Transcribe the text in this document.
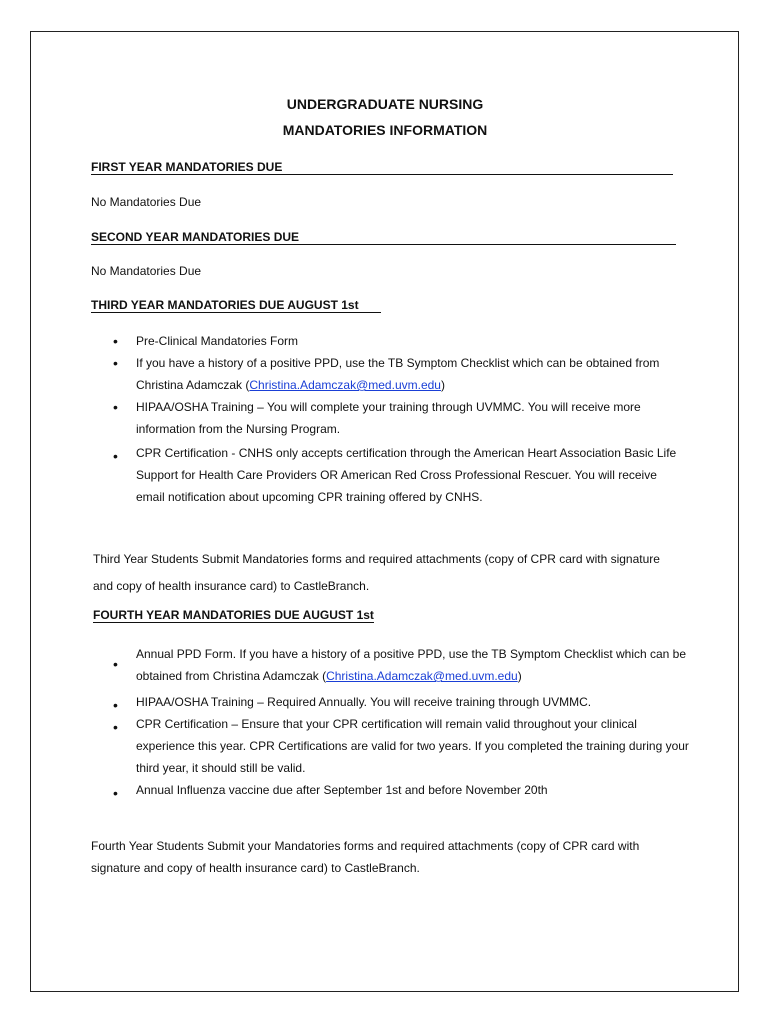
UNDERGRADUATE NURSING
MANDATORIES INFORMATION
FIRST YEAR MANDATORIES DUE
No Mandatories Due
SECOND YEAR MANDATORIES DUE
No Mandatories Due
THIRD YEAR MANDATORIES DUE AUGUST 1st
• Pre-Clinical Mandatories Form
• If you have a history of a positive PPD, use the TB Symptom Checklist which can be obtained from Christina Adamczak (Christina.Adamczak@med.uvm.edu)
• HIPAA/OSHA Training – You will complete your training through UVMMC. You will receive more information from the Nursing Program.
• CPR Certification - CNHS only accepts certification through the American Heart Association Basic Life Support for Health Care Providers OR American Red Cross Professional Rescuer. You will receive email notification about upcoming CPR training offered by CNHS.
Third Year Students Submit Mandatories forms and required attachments (copy of CPR card with signature and copy of health insurance card) to CastleBranch.
FOURTH YEAR MANDATORIES DUE AUGUST 1st
•
Annual PPD Form. If you have a history of a positive PPD, use the TB Symptom Checklist which can be obtained from Christina Adamczak (Christina.Adamczak@med.uvm.edu)
• HIPAA/OSHA Training – Required Annually. You will receive training through UVMMC.
• CPR Certification – Ensure that your CPR certification will remain valid throughout your clinical experience this year. CPR Certifications are valid for two years. If you completed the training during your third year, it should still be valid.
• Annual Influenza vaccine due after September 1st and before November 20th
Fourth Year Students Submit your Mandatories forms and required attachments (copy of CPR card with signature and copy of health insurance card) to CastleBranch.
